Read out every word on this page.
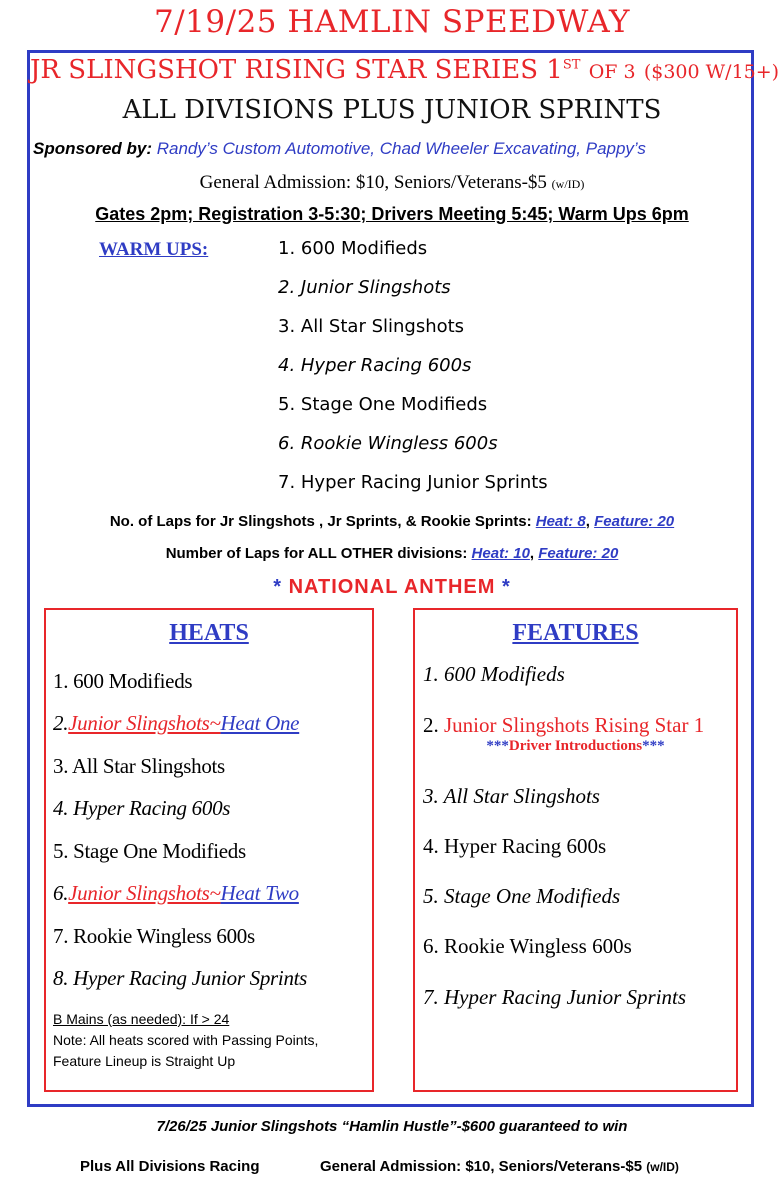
7/19/25 HAMLIN SPEEDWAY
JR SLINGSHOT RISING STAR SERIES 1ST OF 3 ($300 W/15+)
ALL DIVISIONS PLUS JUNIOR SPRINTS
Sponsored by: Randy’s Custom Automotive, Chad Wheeler Excavating, Pappy’s
General Admission: $10, Seniors/Veterans-$5 (w/ID)
Gates 2pm; Registration 3-5:30; Drivers Meeting 5:45; Warm Ups 6pm
WARM UPS:	1. 600 Modifieds
2. Junior Slingshots
3. All Star Slingshots
4. Hyper Racing 600s
5. Stage One Modifieds
6. Rookie Wingless 600s
7. Hyper Racing Junior Sprints
No. of Laps for Jr Slingshots , Jr Sprints, & Rookie Sprints: Heat: 8, Feature: 20
Number of Laps for ALL OTHER divisions: Heat: 10, Feature: 20
* NATIONAL ANTHEM *
HEATS
1. 600 Modifieds
2.Junior Slingshots~Heat One
3. All Star Slingshots
4. Hyper Racing 600s
5. Stage One Modifieds
6.Junior Slingshots~Heat Two
7. Rookie Wingless 600s
8. Hyper Racing Junior Sprints
B Mains (as needed): If > 24
Note: All heats scored with Passing Points,
Feature Lineup is Straight Up
FEATURES
1. 600 Modifieds
2. Junior Slingshots Rising Star 1
***Driver Introductions***
3. All Star Slingshots
4. Hyper Racing 600s
5. Stage One Modifieds
6. Rookie Wingless 600s
7. Hyper Racing Junior Sprints
7/26/25 Junior Slingshots “Hamlin Hustle”-$600 guaranteed to win
Plus All Divisions Racing	General Admission: $10, Seniors/Veterans-$5 (w/ID)
